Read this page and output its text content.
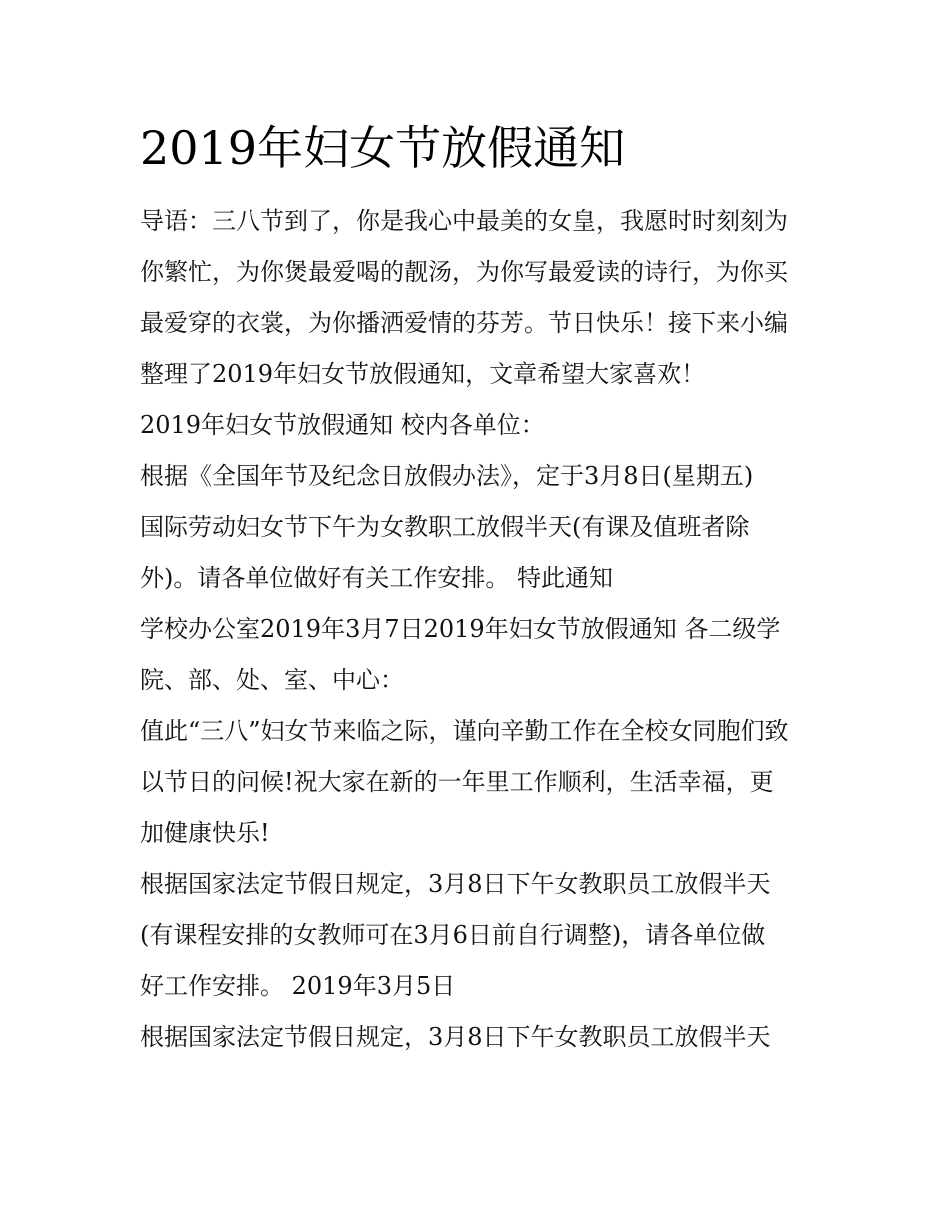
2019年妇女节放假通知
导语：三八节到了，你是我心中最美的女皇，我愿时时刻刻为
你繁忙，为你煲最爱喝的靓汤，为你写最爱读的诗行，为你买
最爱穿的衣裳，为你播洒爱情的芬芳。节日快乐！接下来小编
整理了2019年妇女节放假通知，文章希望大家喜欢！
2019年妇女节放假通知 校内各单位：
根据《全国年节及纪念日放假办法》，定于3月8日(星期五)
国际劳动妇女节下午为女教职工放假半天(有课及值班者除
外)。请各单位做好有关工作安排。 特此通知
学校办公室2019年3月7日2019年妇女节放假通知 各二级学
院、部、处、室、中心：
值此“三八”妇女节来临之际，谨向辛勤工作在全校女同胞们致
以节日的问候!祝大家在新的一年里工作顺利，生活幸福，更
加健康快乐!
根据国家法定节假日规定，3月8日下午女教职员工放假半天
(有课程安排的女教师可在3月6日前自行调整)，请各单位做
好工作安排。 2019年3月5日
根据国家法定节假日规定，3月8日下午女教职员工放假半天
